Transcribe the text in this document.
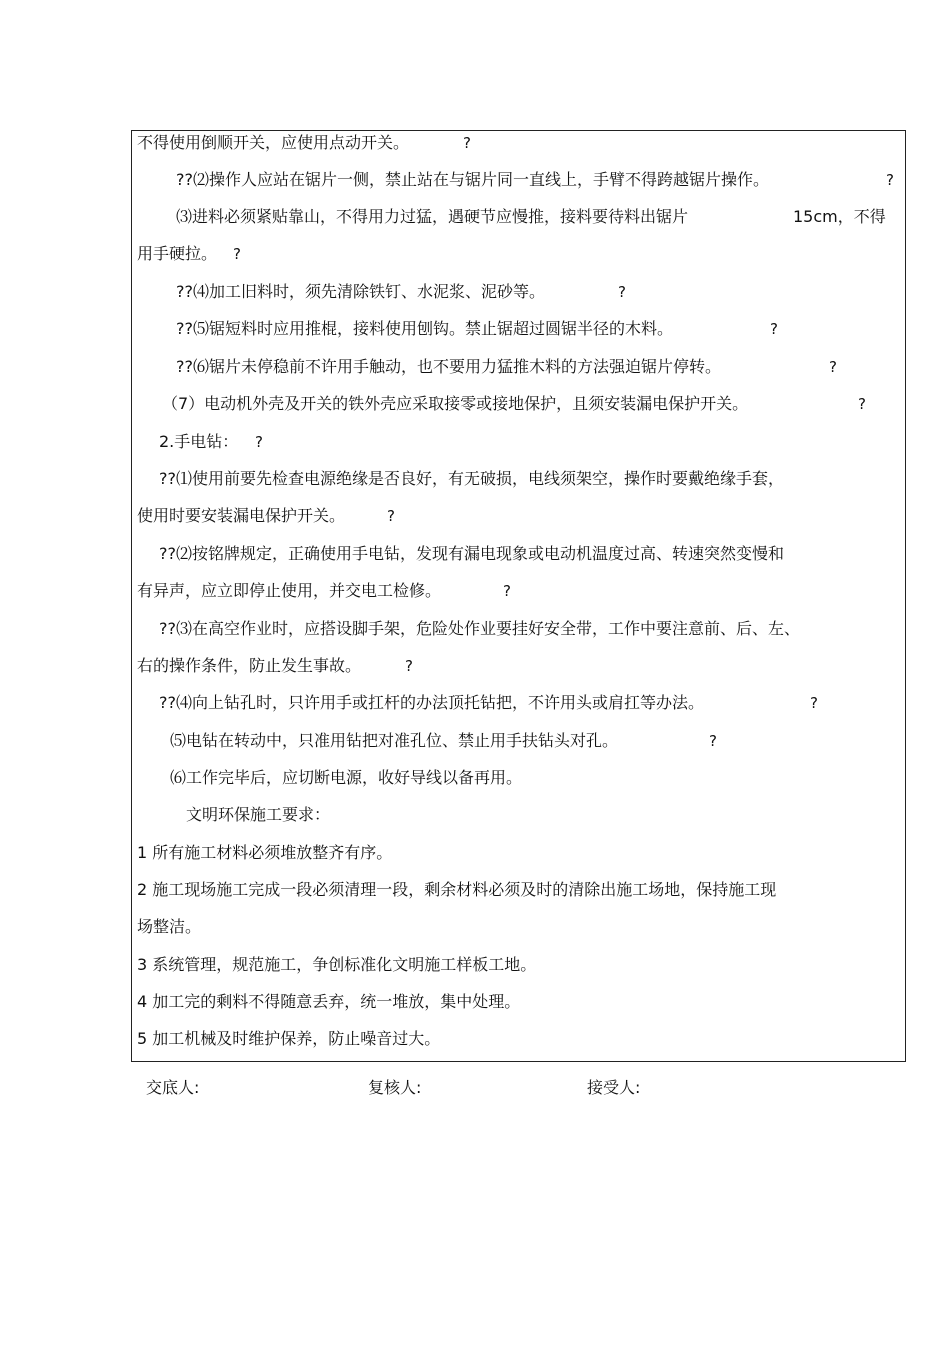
不得使用倒顺开关，应使用点动开关。	?
??⑵操作人应站在锯片一侧，禁止站在与锯片同一直线上，手臂不得跨越锯片操作。	?
⑶进料必须紧贴靠山，不得用力过猛，遇硬节应慢推，接料要待料出锯片	15cm，不得
用手硬拉。 ?
??⑷加工旧料时，须先清除铁钉、水泥浆、泥砂等。	?
??⑸锯短料时应用推棍，接料使用刨钩。禁止锯超过圆锯半径的木料。	?
??⑹锯片未停稳前不许用手触动，也不要用力猛推木料的方法强迫锯片停转。	?
（7）电动机外壳及开关的铁外壳应采取接零或接地保护，且须安装漏电保护开关。	?
2.手电钻： ?
??⑴使用前要先检查电源绝缘是否良好，有无破损，电线须架空，操作时要戴绝缘手套，
使用时要安装漏电保护开关。	?
??⑵按铭牌规定，正确使用手电钻，发现有漏电现象或电动机温度过高、转速突然变慢和
有异声，应立即停止使用，并交电工检修。	?
??⑶在高空作业时，应搭设脚手架，危险处作业要挂好安全带，工作中要注意前、后、左、
右的操作条件，防止发生事故。	?
??⑷向上钻孔时，只许用手或扛杆的办法顶托钻把，不许用头或肩扛等办法。	?
⑸电钻在转动中，只准用钻把对准孔位、禁止用手扶钻头对孔。	?
⑹工作完毕后，应切断电源，收好导线以备再用。
文明环保施工要求：
1 所有施工材料必须堆放整齐有序。
2 施工现场施工完成一段必须清理一段，剩余材料必须及时的清除出施工场地，保持施工现
场整洁。
3 系统管理，规范施工，争创标准化文明施工样板工地。
4 加工完的剩料不得随意丢弃，统一堆放，集中处理。
5 加工机械及时维护保养，防止噪音过大。
交底人:	复核人:	接受人:
